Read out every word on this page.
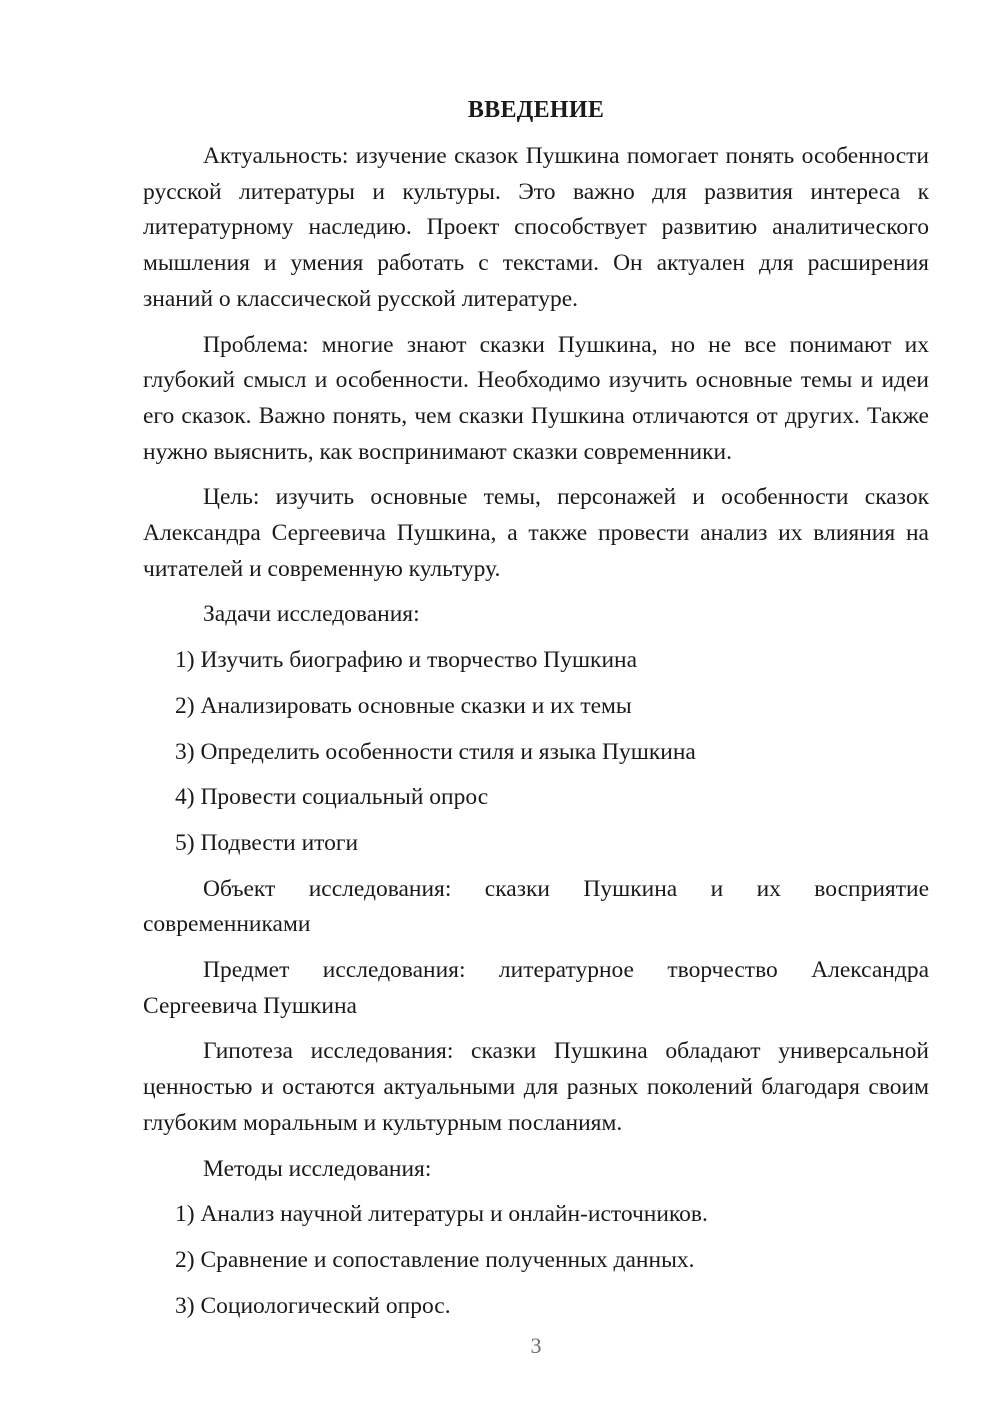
ВВЕДЕНИЕ

Актуальность: изучение сказок Пушкина помогает понять особенности русской литературы и культуры. Это важно для развития интереса к литературному наследию. Проект способствует развитию аналитического мышления и умения работать с текстами. Он актуален для расширения знаний о классической русской литературе.

Проблема: многие знают сказки Пушкина, но не все понимают их глубокий смысл и особенности. Необходимо изучить основные темы и идеи его сказок. Важно понять, чем сказки Пушкина отличаются от других. Также нужно выяснить, как воспринимают сказки современники.

Цель: изучить основные темы, персонажей и особенности сказок Александра Сергеевича Пушкина, а также провести анализ их влияния на читателей и современную культуру.

Задачи исследования:

1) Изучить биографию и творчество Пушкина

2) Анализировать основные сказки и их темы

3) Определить особенности стиля и языка Пушкина

4) Провести социальный опрос

5) Подвести итоги

Объект исследования: сказки Пушкина и их восприятие современниками

Предмет исследования: литературное творчество Александра Сергеевича Пушкина

Гипотеза исследования: сказки Пушкина обладают универсальной ценностью и остаются актуальными для разных поколений благодаря своим глубоким моральным и культурным посланиям.

Методы исследования:

1) Анализ научной литературы и онлайн-источников.

2) Сравнение и сопоставление полученных данных.

3) Социологический опрос.

3
